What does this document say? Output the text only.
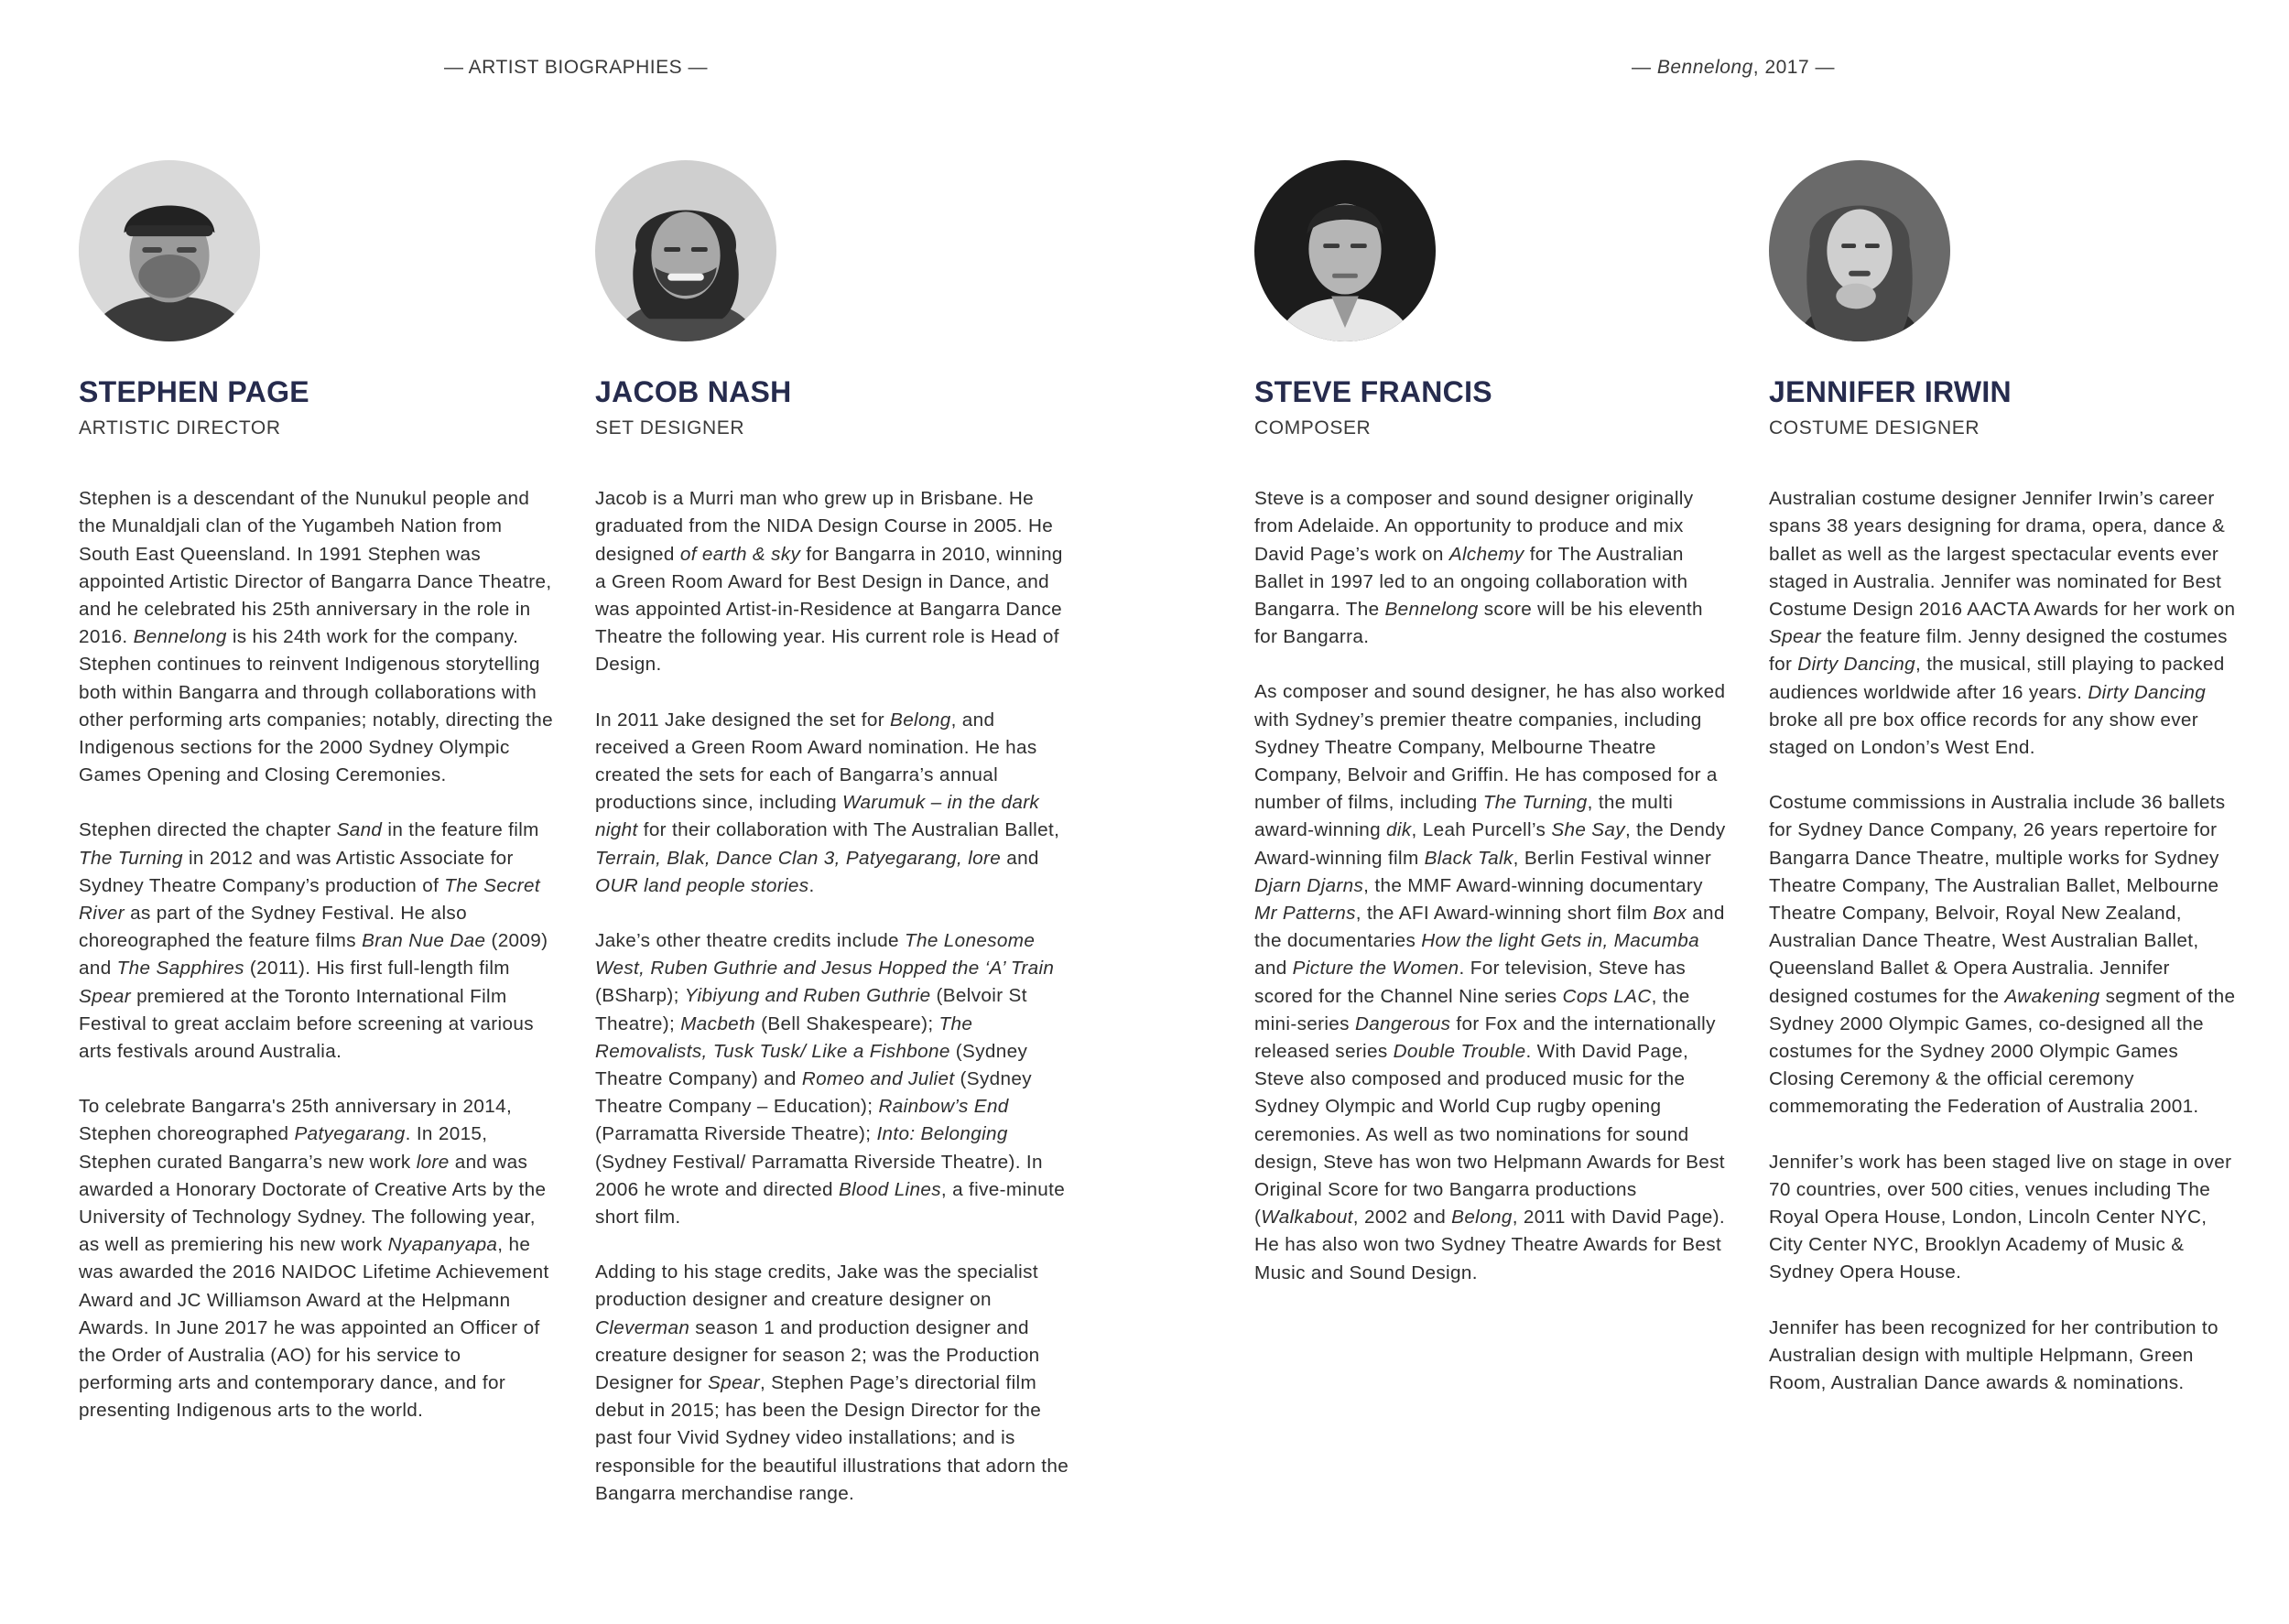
— ARTIST BIOGRAPHIES —	— Bennelong, 2017 —
STEPHEN PAGE
ARTISTIC DIRECTOR

Stephen is a descendant of the Nunukul people and the Munaldjali clan of the Yugambeh Nation from South East Queensland. In 1991 Stephen was appointed Artistic Director of Bangarra Dance Theatre, and he celebrated his 25th anniversary in the role in 2016. Bennelong is his 24th work for the company. Stephen continues to reinvent Indigenous storytelling both within Bangarra and through collaborations with other performing arts companies; notably, directing the Indigenous sections for the 2000 Sydney Olympic Games Opening and Closing Ceremonies.

Stephen directed the chapter Sand in the feature film The Turning in 2012 and was Artistic Associate for Sydney Theatre Company’s production of The Secret River as part of the Sydney Festival. He also choreographed the feature films Bran Nue Dae (2009) and The Sapphires (2011). His first full-length film Spear premiered at the Toronto International Film Festival to great acclaim before screening at various arts festivals around Australia.

To celebrate Bangarra's 25th anniversary in 2014, Stephen choreographed Patyegarang. In 2015, Stephen curated Bangarra’s new work lore and was awarded a Honorary Doctorate of Creative Arts by the University of Technology Sydney. The following year, as well as premiering his new work Nyapanyapa, he was awarded the 2016 NAIDOC Lifetime Achievement Award and JC Williamson Award at the Helpmann Awards. In June 2017 he was appointed an Officer of the Order of Australia (AO) for his service to performing arts and contemporary dance, and for presenting Indigenous arts to the world.

JACOB NASH
SET DESIGNER

Jacob is a Murri man who grew up in Brisbane. He graduated from the NIDA Design Course in 2005. He designed of earth & sky for Bangarra in 2010, winning a Green Room Award for Best Design in Dance, and was appointed Artist-in-Residence at Bangarra Dance Theatre the following year. His current role is Head of Design.

In 2011 Jake designed the set for Belong, and received a Green Room Award nomination. He has created the sets for each of Bangarra’s annual productions since, including Warumuk – in the dark night for their collaboration with The Australian Ballet, Terrain, Blak, Dance Clan 3, Patyegarang, lore and OUR land people stories.

Jake’s other theatre credits include The Lonesome West, Ruben Guthrie and Jesus Hopped the ‘A’ Train (BSharp); Yibiyung and Ruben Guthrie (Belvoir St Theatre); Macbeth (Bell Shakespeare); The Removalists, Tusk Tusk/ Like a Fishbone (Sydney Theatre Company) and Romeo and Juliet (Sydney Theatre Company – Education); Rainbow’s End (Parramatta Riverside Theatre); Into: Belonging (Sydney Festival/ Parramatta Riverside Theatre). In 2006 he wrote and directed Blood Lines, a five-minute short film.

Adding to his stage credits, Jake was the specialist production designer and creature designer on Cleverman season 1 and production designer and creature designer for season 2; was the Production Designer for Spear, Stephen Page’s directorial film debut in 2015; has been the Design Director for the past four Vivid Sydney video installations; and is responsible for the beautiful illustrations that adorn the Bangarra merchandise range.

STEVE FRANCIS
COMPOSER

Steve is a composer and sound designer originally from Adelaide. An opportunity to produce and mix David Page’s work on Alchemy for The Australian Ballet in 1997 led to an ongoing collaboration with Bangarra. The Bennelong score will be his eleventh for Bangarra.

As composer and sound designer, he has also worked with Sydney’s premier theatre companies, including Sydney Theatre Company, Melbourne Theatre Company, Belvoir and Griffin. He has composed for a number of films, including The Turning, the multi award-winning dik, Leah Purcell’s She Say, the Dendy Award-winning film Black Talk, Berlin Festival winner Djarn Djarns, the MMF Award-winning documentary Mr Patterns, the AFI Award-winning short film Box and the documentaries How the light Gets in, Macumba and Picture the Women. For television, Steve has scored for the Channel Nine series Cops LAC, the mini-series Dangerous for Fox and the internationally released series Double Trouble. With David Page, Steve also composed and produced music for the Sydney Olympic and World Cup rugby opening ceremonies. As well as two nominations for sound design, Steve has won two Helpmann Awards for Best Original Score for two Bangarra productions (Walkabout, 2002 and Belong, 2011 with David Page). He has also won two Sydney Theatre Awards for Best Music and Sound Design.

JENNIFER IRWIN
COSTUME DESIGNER

Australian costume designer Jennifer Irwin’s career spans 38 years designing for drama, opera, dance & ballet as well as the largest spectacular events ever staged in Australia. Jennifer was nominated for Best Costume Design 2016 AACTA Awards for her work on Spear the feature film. Jenny designed the costumes for Dirty Dancing, the musical, still playing to packed audiences worldwide after 16 years. Dirty Dancing broke all pre box office records for any show ever staged on London’s West End.

Costume commissions in Australia include 36 ballets for Sydney Dance Company, 26 years repertoire for Bangarra Dance Theatre, multiple works for Sydney Theatre Company, The Australian Ballet, Melbourne Theatre Company, Belvoir, Royal New Zealand, Australian Dance Theatre, West Australian Ballet, Queensland Ballet & Opera Australia. Jennifer designed costumes for the Awakening segment of the Sydney 2000 Olympic Games, co-designed all the costumes for the Sydney 2000 Olympic Games Closing Ceremony & the official ceremony commemorating the Federation of Australia 2001.

Jennifer’s work has been staged live on stage in over 70 countries, over 500 cities, venues including The Royal Opera House, London, Lincoln Center NYC, City Center NYC, Brooklyn Academy of Music & Sydney Opera House.

Jennifer has been recognized for her contribution to Australian design with multiple Helpmann, Green Room, Australian Dance awards & nominations.
